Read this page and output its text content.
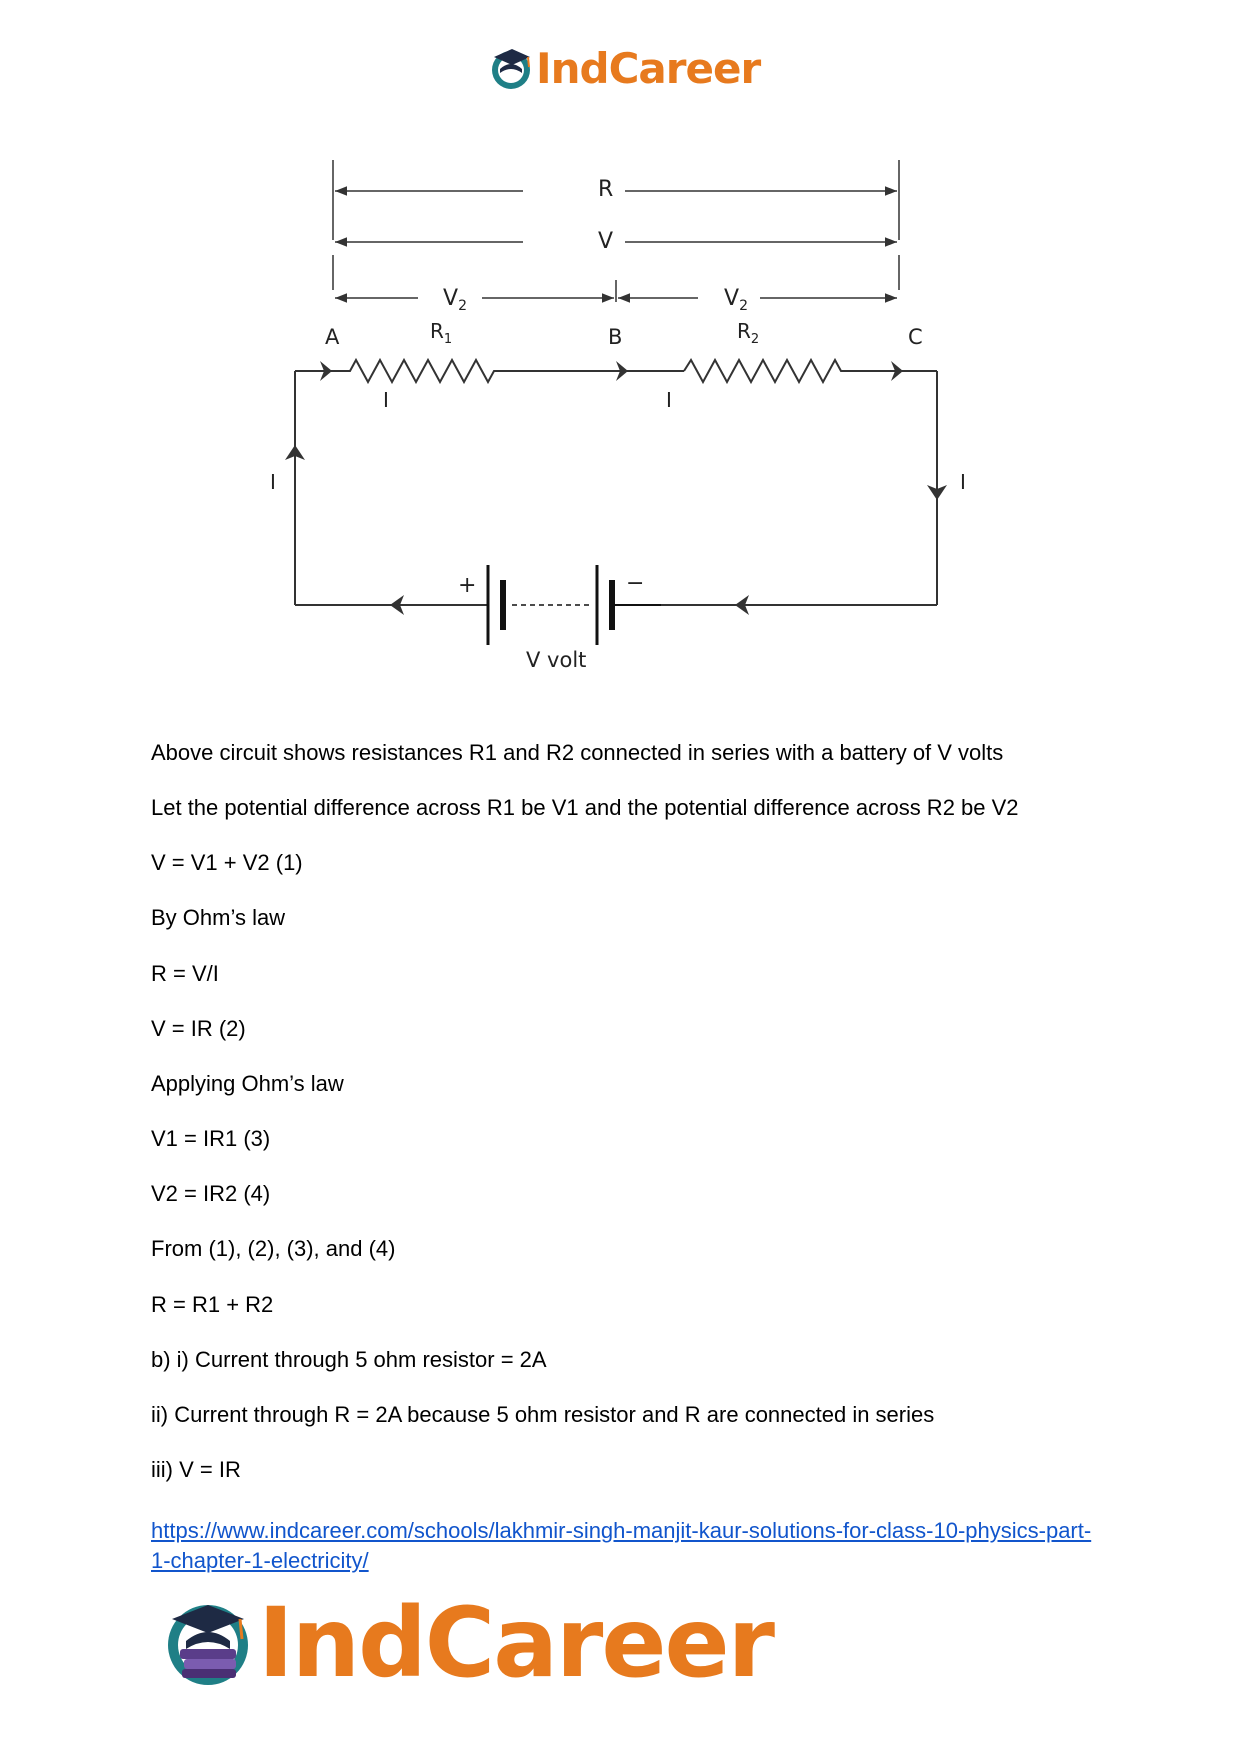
IndCareer
R
V
$V_2$	$V_2$
A	B	C
$R_1$	$R_2$
I	I
I	I
+	−
V volt
Above circuit shows resistances R1 and R2 connected in series with a battery of V volts
Let the potential difference across R1 be V1 and the potential difference across R2 be V2
V = V1 + V2 (1)
By Ohm’s law
R = V/I
V = IR (2)
Applying Ohm’s law
V1 = IR1 (3)
V2 = IR2 (4)
From (1), (2), (3), and (4)
R = R1 + R2
b) i) Current through 5 ohm resistor = 2A
ii) Current through R = 2A because 5 ohm resistor and R are connected in series
iii) V = IR
https://www.indcareer.com/schools/lakhmir-singh-manjit-kaur-solutions-for-class-10-physics-part-1-chapter-1-electricity/
IndCareer
